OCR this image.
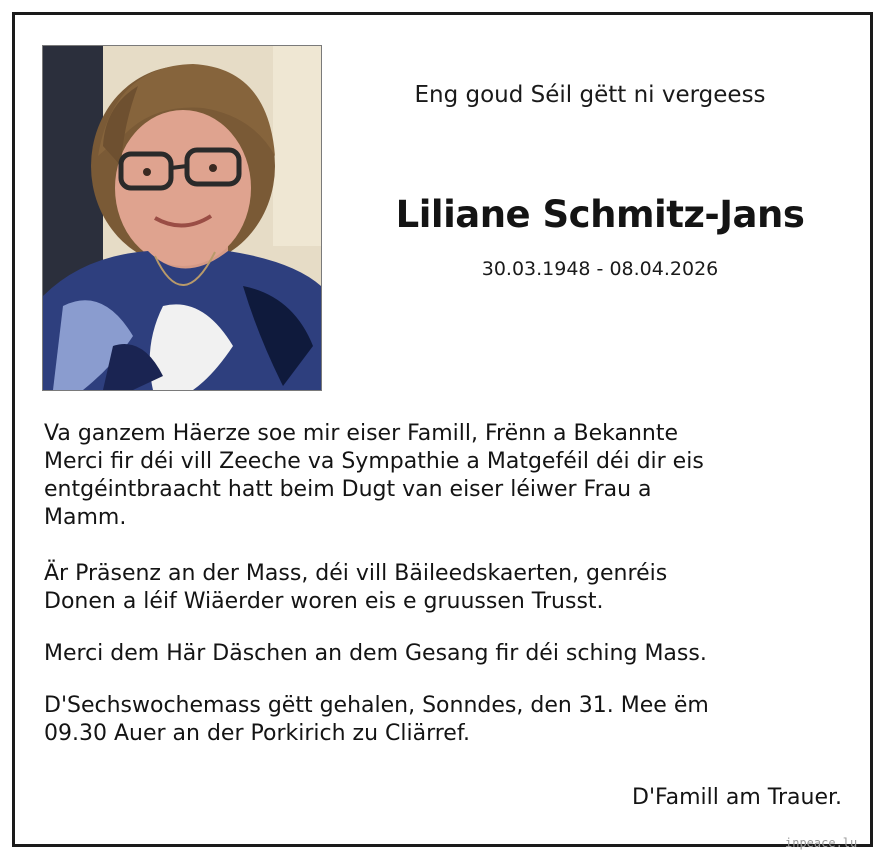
Eng goud Séil gëtt ni vergeess
Liliane Schmitz-Jans
30.03.1948 - 08.04.2026

Va ganzem Häerze soe mir eiser Famill, Frënn a Bekannte
Merci fir déi vill Zeeche va Sympathie a Matgeféil déi dir eis
entgéintbraacht hatt beim Dugt van eiser léiwer Frau a
Mamm.

Är Präsenz an der Mass, déi vill Bäileedskaerten, genréis
Donen a léif Wiäerder woren eis e gruussen Trusst.

Merci dem Här Däschen an dem Gesang fir déi sching Mass.

D'Sechswochemass gëtt gehalen, Sonndes, den 31. Mee ëm
09.30 Auer an der Porkirich zu Cliärref.

D'Famill am Trauer.
inpeace.lu
